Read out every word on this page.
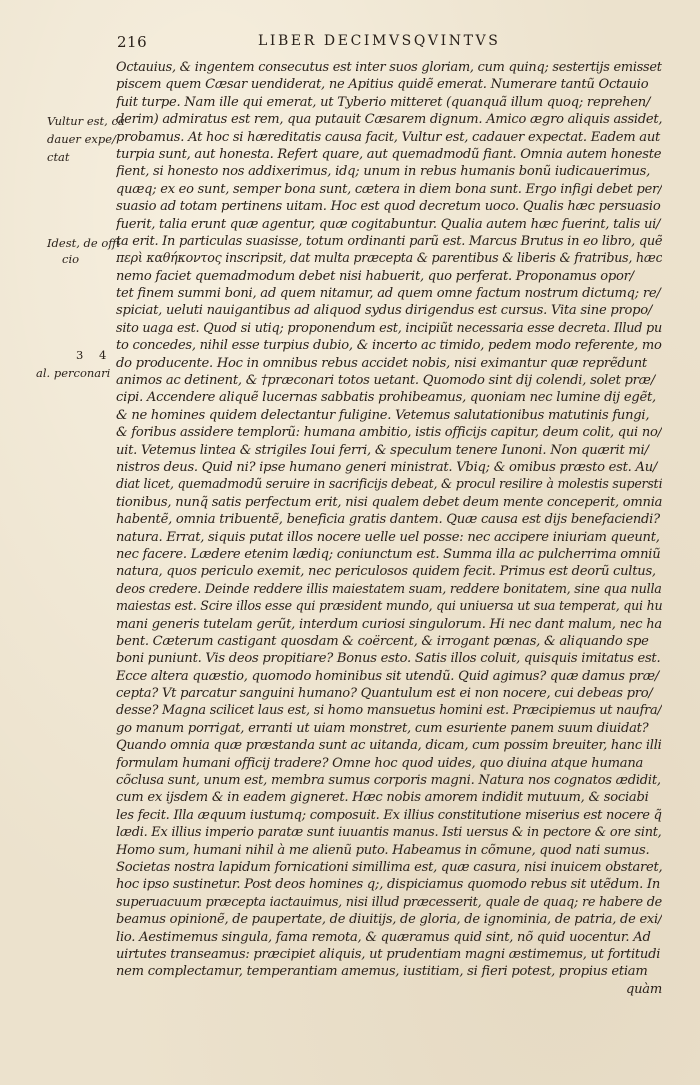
216	LIBER DECIMVSQVINTVS
Vultur est, ca
dauer expe/
ctat
Idest, de offi
cio
3 4
al. perconari
Octauius, & ingentem consecutus est inter suos gloriam, cum quinq; sestertijs emisset
piscem quem Cæsar uendiderat, ne Apitius quidẽ emerat. Numerare tantũ Octauio
fuit turpe. Nam ille qui emerat, ut Tyberio mitteret (quanquã illum quoq; reprehen/
derim) admiratus est rem, qua putauit Cæsarem dignum. Amico ægro aliquis assidet,
probamus. At hoc si hæreditatis causa facit, Vultur est, cadauer expectat. Eadem aut
turpia sunt, aut honesta. Refert quare, aut quemadmodũ fiant. Omnia autem honeste
fient, si honesto nos addixerimus, idq; unum in rebus humanis bonũ iudicauerimus,
quæq; ex eo sunt, semper bona sunt, cætera in diem bona sunt. Ergo infigi debet per/
suasio ad totam pertinens uitam. Hoc est quod decretum uoco. Qualis hæc persuasio
fuerit, talia erunt quæ agentur, quæ cogitabuntur. Qualia autem hæc fuerint, talis ui/
ta erit. In particulas suasisse, totum ordinanti parũ est. Marcus Brutus in eo libro, quẽ
περὶ καθήκοντος inscripsit, dat multa præcepta & parentibus & liberis & fratribus, hæc
nemo faciet quemadmodum debet nisi habuerit, quo perferat. Proponamus opor/
tet finem summi boni, ad quem nitamur, ad quem omne factum nostrum dictumq; re/
spiciat, ueluti nauigantibus ad aliquod sydus dirigendus est cursus. Vita sine propo/
sito uaga est. Quod si utiq; proponendum est, incipiũt necessaria esse decreta. Illud pu
to concedes, nihil esse turpius dubio, & incerto ac timido, pedem modo referente, mo
do producente. Hoc in omnibus rebus accidet nobis, nisi eximantur quæ reprẽdunt
animos ac detinent, & †præconari totos uetant. Quomodo sint dij colendi, solet præ/
cipi. Accendere aliquẽ lucernas sabbatis prohibeamus, quoniam nec lumine dij egẽt,
& ne homines quidem delectantur fuligine. Vetemus salutationibus matutinis fungi,
& foribus assidere templorũ: humana ambitio, istis officijs capitur, deum colit, qui no/
uit. Vetemus lintea & strigiles Ioui ferri, & speculum tenere Iunoni. Non quærit mi/
nistros deus. Quid ni? ipse humano generi ministrat. Vbiq; & omibus præsto est. Au/
diat licet, quemadmodũ seruire in sacrificijs debeat, & procul resilire à molestis superstí
tionibus, nunq̃ satis perfectum erit, nisi qualem debet deum mente conceperit, omnia
habentẽ, omnia tribuentẽ, beneficia gratis dantem. Quæ causa est dijs benefaciendi?
natura. Errat, siquis putat illos nocere uelle uel posse: nec accipere iniuriam queunt,
nec facere. Lædere etenim lædiq; coniunctum est. Summa illa ac pulcherrima omniũ
natura, quos periculo exemit, nec periculosos quidem fecit. Primus est deorũ cultus,
deos credere. Deinde reddere illis maiestatem suam, reddere bonitatem, sine qua nulla
maiestas est. Scire illos esse qui præsident mundo, qui uniuersa ut sua temperat, qui hu
mani generis tutelam gerũt, interdum curiosi singulorum. Hi nec dant malum, nec ha
bent. Cæterum castigant quosdam & coërcent, & irrogant pœnas, & aliquando spe
boni puniunt. Vis deos propitiare? Bonus esto. Satis illos coluit, quisquis imitatus est.
Ecce altera quæstio, quomodo hominibus sit utendũ. Quid agimus? quæ damus præ/
cepta? Vt parcatur sanguini humano? Quantulum est ei non nocere, cui debeas pro/
desse? Magna scilicet laus est, si homo mansuetus homini est. Præcipiemus ut naufra/
go manum porrigat, erranti ut uiam monstret, cum esuriente panem suum diuidat?
Quando omnia quæ præstanda sunt ac uitanda, dicam, cum possim breuiter, hanc illi
formulam humani officij tradere? Omne hoc quod uides, quo diuina atque humana
cõclusa sunt, unum est, membra sumus corporis magni. Natura nos cognatos ædidit,
cum ex ijsdem & in eadem gigneret. Hæc nobis amorem indidit mutuum, & sociabi
les fecit. Illa æquum iustumq; composuit. Ex illius constitutione miserius est nocere q̃
lædi. Ex illius imperio paratæ sunt iuuantis manus. Isti uersus & in pectore & ore sint,
Homo sum, humani nihil à me alienũ puto. Habeamus in cõmune, quod nati sumus.
Societas nostra lapidum fornicationi simillima est, quæ casura, nisi inuicem obstaret,
hoc ipso sustinetur. Post deos homines q;, dispiciamus quomodo rebus sit utẽdum. In
superuacuum præcepta iactauimus, nisi illud præcesserit, quale de quaq; re habere de
beamus opinionẽ, de paupertate, de diuitijs, de gloria, de ignominia, de patria, de exi/
lio. Aestimemus singula, fama remota, & quæramus quid sint, nõ quid uocentur. Ad
uirtutes transeamus: præcipiet aliquis, ut prudentiam magni æstimemus, ut fortitudi
nem complectamur, temperantiam amemus, iustitiam, si fieri potest, propius etiam
quàm
